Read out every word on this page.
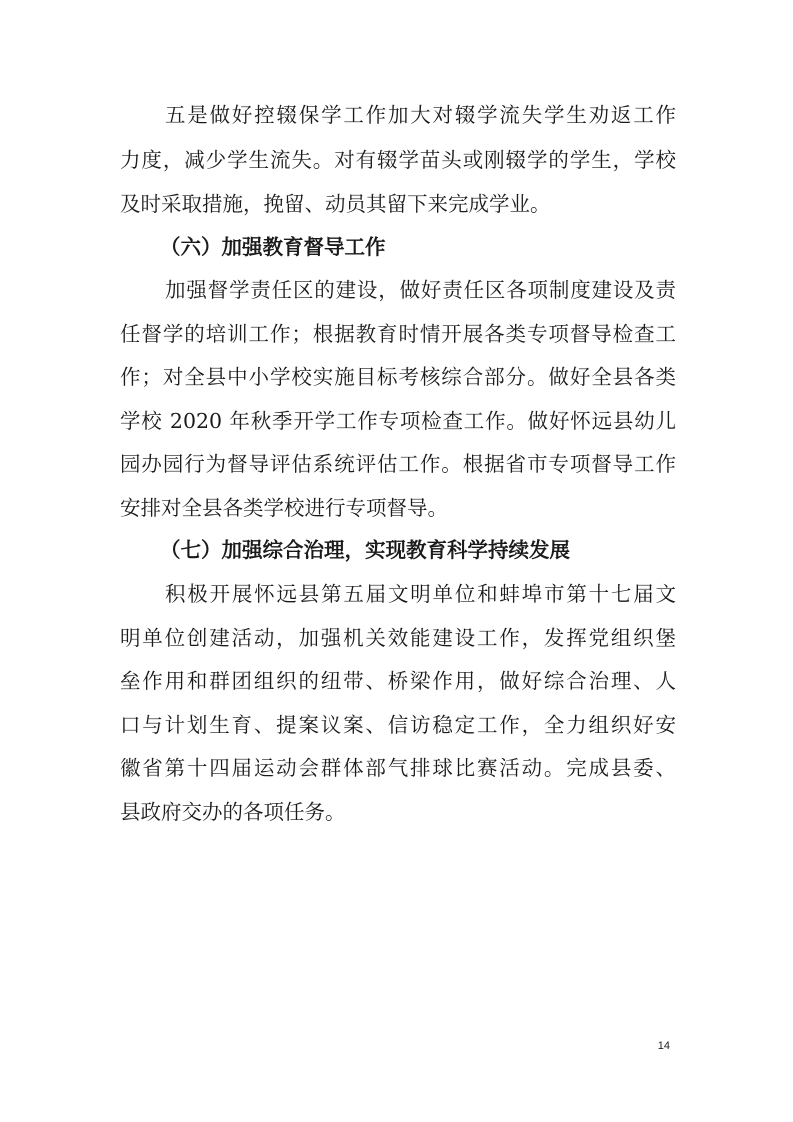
五是做好控辍保学工作加大对辍学流失学生劝返工作
力度，减少学生流失。对有辍学苗头或刚辍学的学生，学校
及时采取措施，挽留、动员其留下来完成学业。
（六）加强教育督导工作
加强督学责任区的建设，做好责任区各项制度建设及责
任督学的培训工作；根据教育时情开展各类专项督导检查工
作；对全县中小学校实施目标考核综合部分。做好全县各类
学校 2020 年秋季开学工作专项检查工作。做好怀远县幼儿
园办园行为督导评估系统评估工作。根据省市专项督导工作
安排对全县各类学校进行专项督导。
（七）加强综合治理，实现教育科学持续发展
积极开展怀远县第五届文明单位和蚌埠市第十七届文
明单位创建活动，加强机关效能建设工作，发挥党组织堡
垒作用和群团组织的纽带、桥梁作用，做好综合治理、人
口与计划生育、提案议案、信访稳定工作，全力组织好安
徽省第十四届运动会群体部气排球比赛活动。完成县委、
县政府交办的各项任务。
14
